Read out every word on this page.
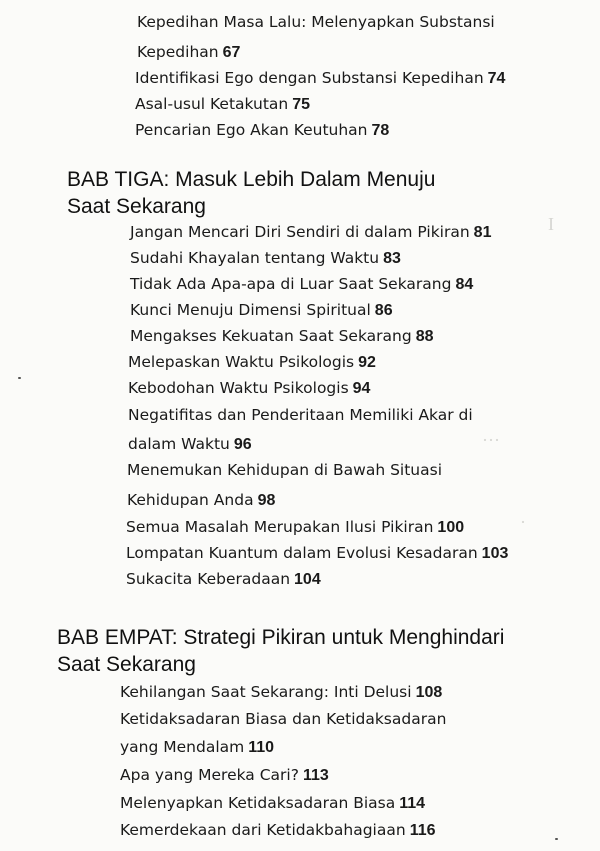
I
···
·
Kepedihan Masa Lalu: Melenyapkan Substansi
Kepedihan 67
Identifikasi Ego dengan Substansi Kepedihan 74
Asal-usul Ketakutan 75
Pencarian Ego Akan Keutuhan 78
BAB TIGA: Masuk Lebih Dalam Menuju
Saat Sekarang
Jangan Mencari Diri Sendiri di dalam Pikiran 81
Sudahi Khayalan tentang Waktu 83
Tidak Ada Apa-apa di Luar Saat Sekarang 84
Kunci Menuju Dimensi Spiritual 86
Mengakses Kekuatan Saat Sekarang 88
Melepaskan Waktu Psikologis 92
Kebodohan Waktu Psikologis 94
Negatifitas dan Penderitaan Memiliki Akar di
dalam Waktu 96
Menemukan Kehidupan di Bawah Situasi
Kehidupan Anda 98
Semua Masalah Merupakan Ilusi Pikiran 100
Lompatan Kuantum dalam Evolusi Kesadaran 103
Sukacita Keberadaan 104
BAB EMPAT: Strategi Pikiran untuk Menghindari
Saat Sekarang
Kehilangan Saat Sekarang: Inti Delusi 108
Ketidaksadaran Biasa dan Ketidaksadaran
yang Mendalam 110
Apa yang Mereka Cari? 113
Melenyapkan Ketidaksadaran Biasa 114
Kemerdekaan dari Ketidakbahagiaan 116
